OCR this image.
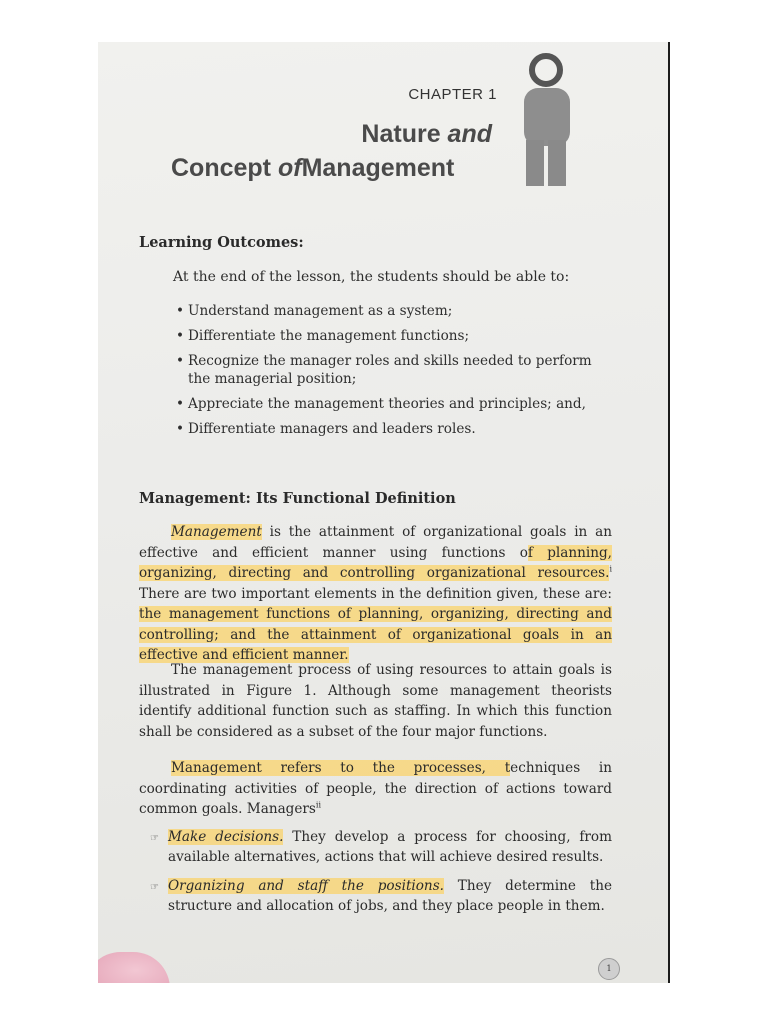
CHAPTER 1
Nature and
Concept ofManagement
Learning Outcomes:
At the end of the lesson, the students should be able to:
• Understand management as a system;
• Differentiate the management functions;
• Recognize the manager roles and skills needed to perform the managerial position;
• Appreciate the management theories and principles; and,
• Differentiate managers and leaders roles.
Management: Its Functional Definition

Management is the attainment of organizational goals in an effective and efficient manner using functions of planning, organizing, directing and controlling organizational resources.$^i$ There are two important elements in the definition given, these are: the management functions of planning, organizing, directing and controlling; and the attainment of organizational goals in an effective and efficient manner.

The management process of using resources to attain goals is illustrated in Figure 1. Although some management theorists identify additional function such as staffing. In which this function shall be considered as a subset of the four major functions.

Management refers to the processes, techniques in coordinating activities of people, the direction of actions toward common goals. Managers$^{ii}$

☞ Make decisions. They develop a process for choosing, from available alternatives, actions that will achieve desired results.
☞ Organizing and staff the positions. They determine the structure and allocation of jobs, and they place people in them.
1
